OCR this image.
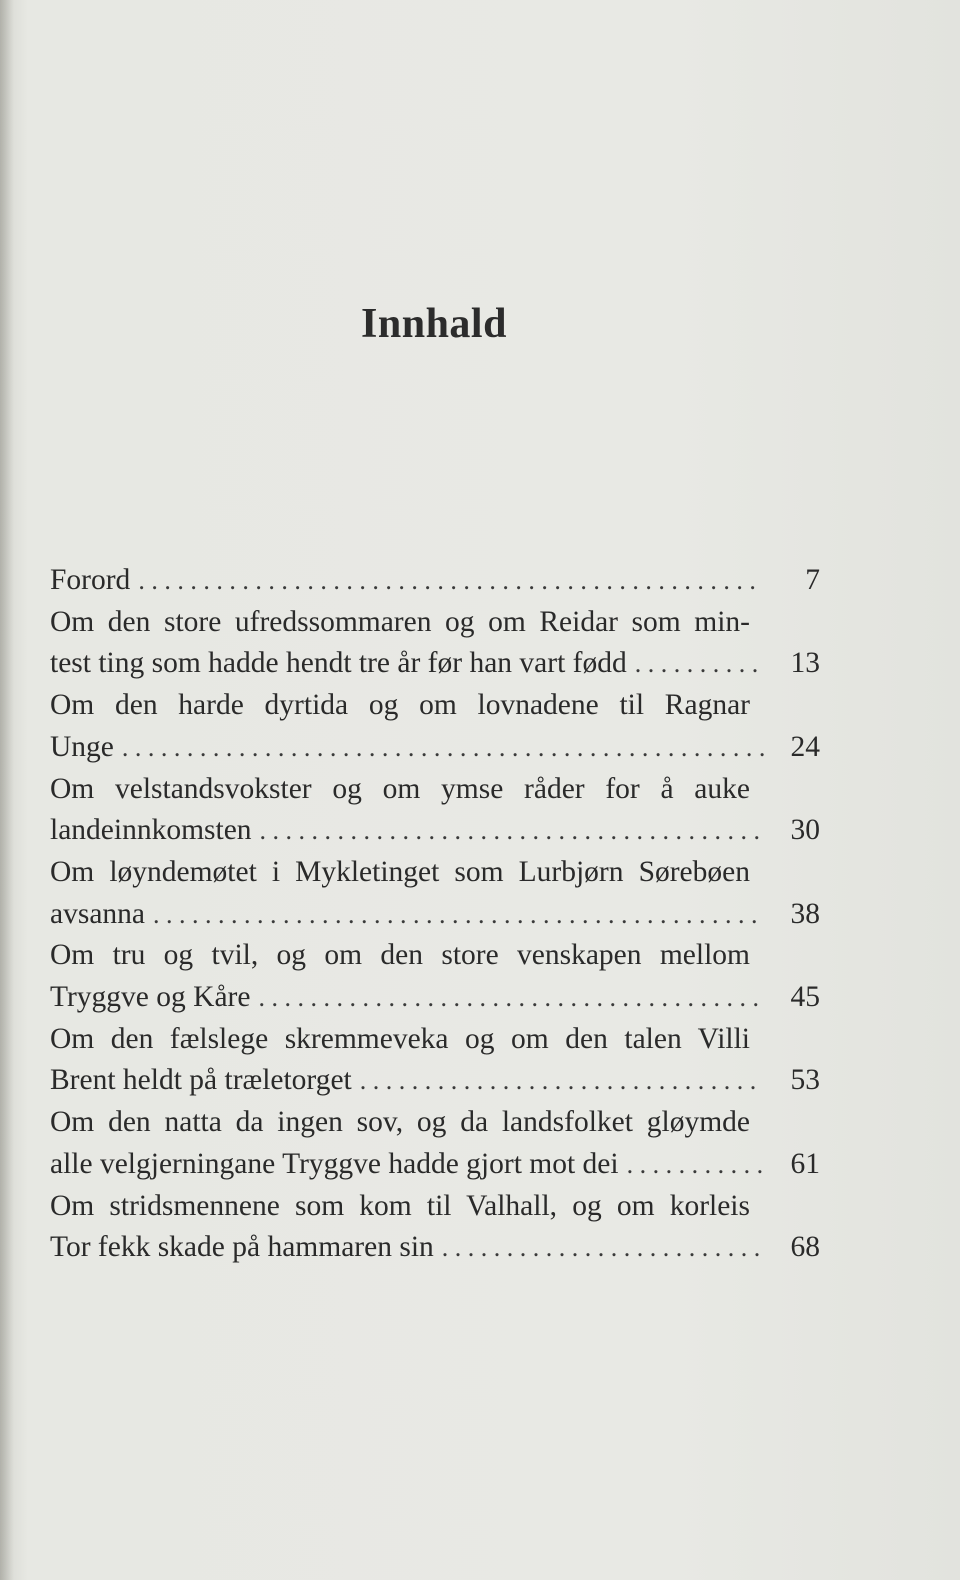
Innhald
Forord . . .	7
Om den store ufredssommaren og om Reidar som min-
test ting som hadde hendt tre år før han vart fødd . . .	13
Om den harde dyrtida og om lovnadene til Ragnar
Unge . . .	24
Om velstandsvokster og om ymse råder for å auke
landeinnkomsten . . .	30
Om løyndemøtet i Mykletinget som Lurbjørn Sørebøen
avsanna . . .	38
Om tru og tvil, og om den store venskapen mellom
Tryggve og Kåre . . .	45
Om den fælslege skremmeveka og om den talen Villi
Brent heldt på træletorget . . .	53
Om den natta da ingen sov, og da landsfolket gløymde
alle velgjerningane Tryggve hadde gjort mot dei . . .	61
Om stridsmennene som kom til Valhall, og om korleis
Tor fekk skade på hammaren sin . . .	68
